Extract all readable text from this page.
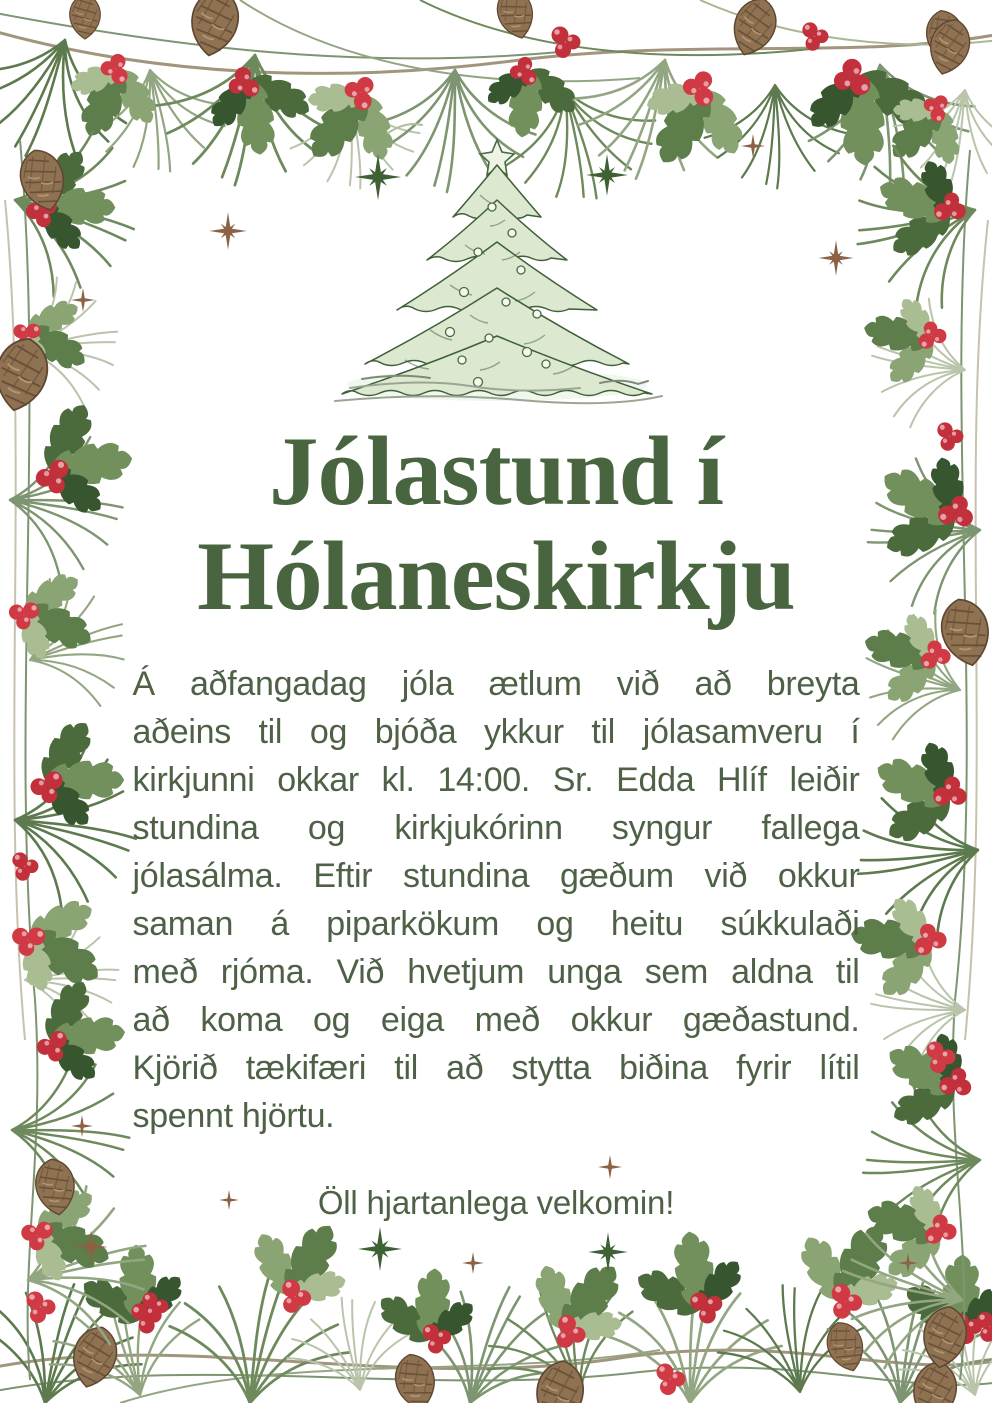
Jólastund í
Hólaneskirkju
Á aðfangadag jóla ætlum við að breyta
aðeins til og bjóða ykkur til jólasamveru í
kirkjunni okkar kl. 14:00. Sr. Edda Hlíf leiðir
stundina og kirkjukórinn syngur fallega
jólasálma. Eftir stundina gæðum við okkur
saman á piparkökum og heitu súkkulaði
með rjóma. Við hvetjum unga sem aldna til
að koma og eiga með okkur gæðastund.
Kjörið tækifæri til að stytta biðina fyrir lítil
spennt hjörtu.

Öll hjartanlega velkomin!
